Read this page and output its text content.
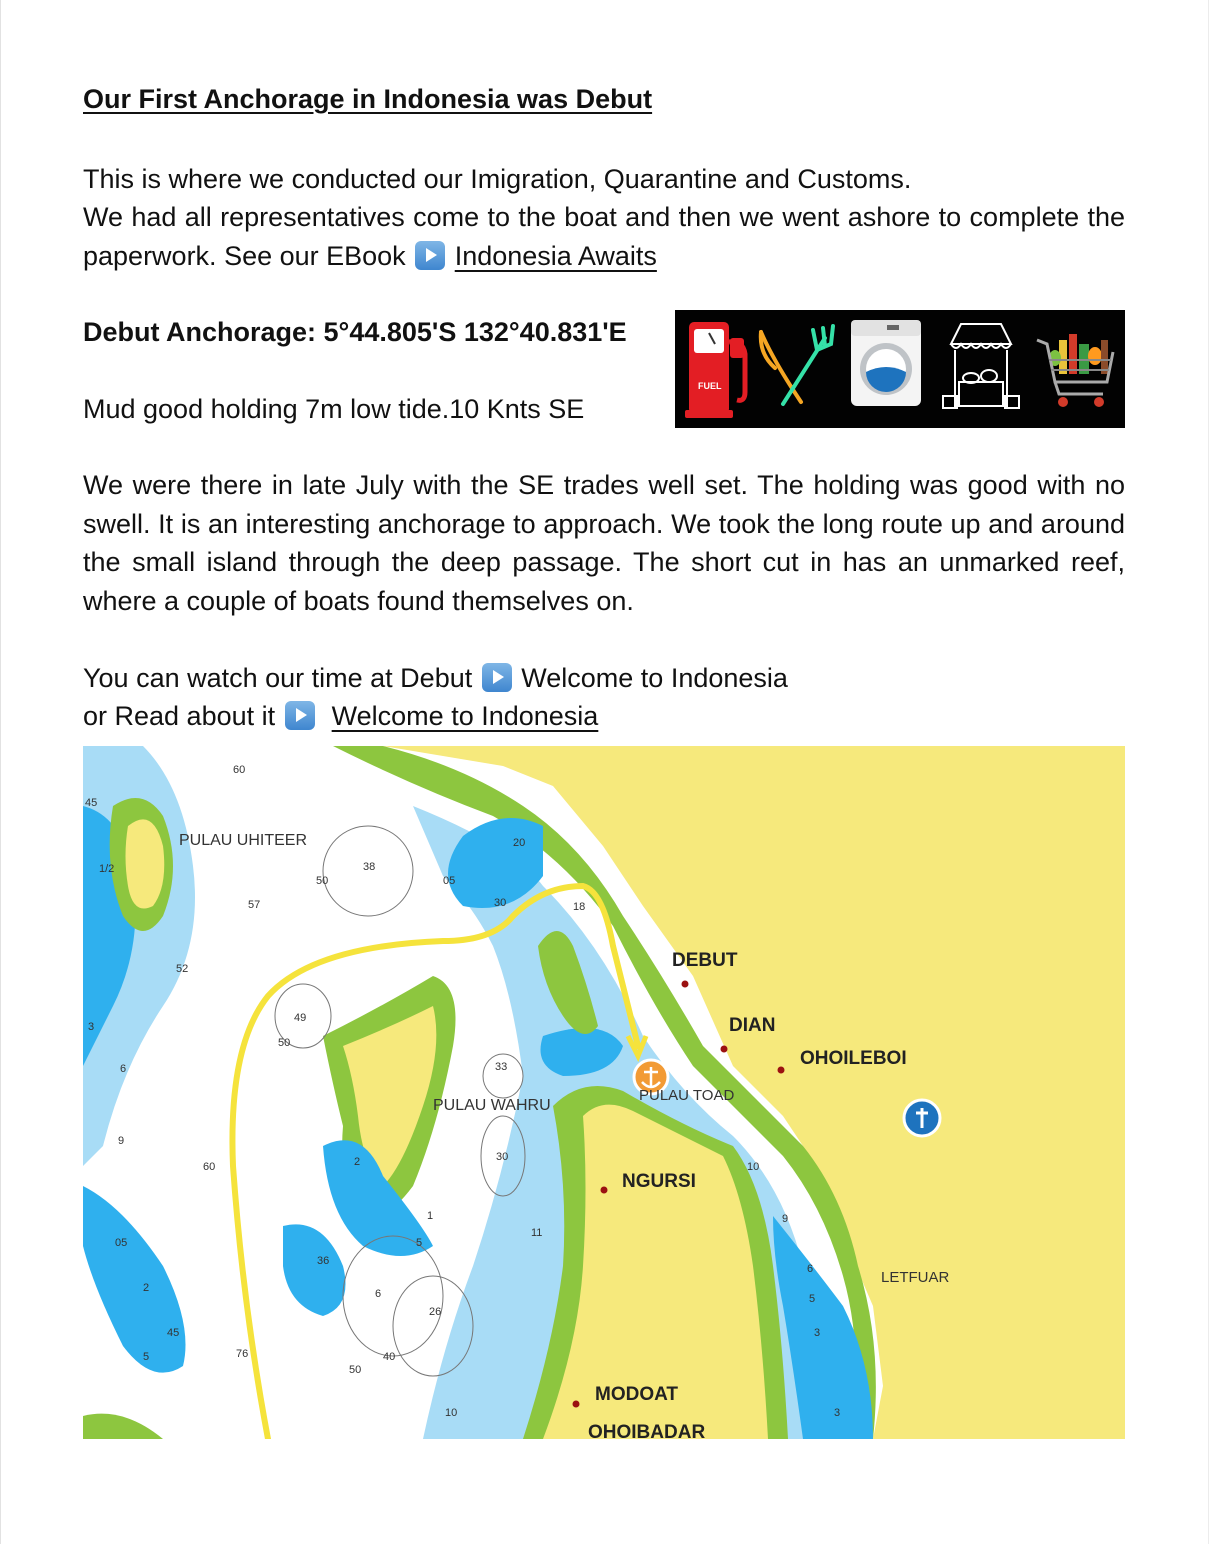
Our First Anchorage in Indonesia was Debut
This is where we conducted our Imigration, Quarantine and Customs.
We had all representatives come to the boat and then we went ashore to complete the paperwork. See our EBook Indonesia Awaits
Debut Anchorage: 5°44.805'S 132°40.831'E
Mud good holding 7m low tide.10 Knts SE
FUEL
We were there in late July with the SE trades well set. The holding was good with no swell. It is an interesting anchorage to approach. We took the long route up and around the small island through the deep passage. The short cut in has an unmarked reef, where a couple of boats found themselves on.
You can watch our time at Debut Welcome to Indonesia
or Read about it Welcome to Indonesia
PULAU UHITEER
PULAU WAHRU
PULAU TOAD
LETFUAR
DEBUT
DIAN
OHOILEBOI
NGURSI
MODOAT
OHOIBADAR
60
45
38
05
20
18
57
50
30
1/2
52
3
6
9
49
50
33
30
2
1
5
60	10
11
9
6
5
3
05
2
45
5
36
6
26
76	40
50
10	3
